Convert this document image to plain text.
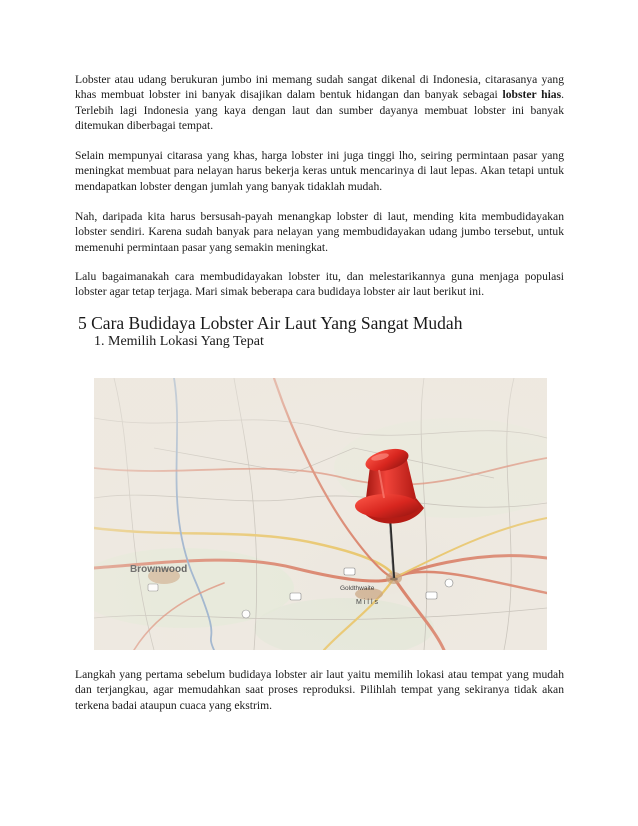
Lobster atau udang berukuran jumbo ini memang sudah sangat dikenal di Indonesia, citarasanya yang khas membuat lobster ini banyak disajikan dalam bentuk hidangan dan banyak sebagai lobster hias. Terlebih lagi Indonesia yang kaya dengan laut dan sumber dayanya membuat lobster ini banyak ditemukan diberbagai tempat.

Selain mempunyai citarasa yang khas, harga lobster ini juga tinggi lho, seiring permintaan pasar yang meningkat membuat para nelayan harus bekerja keras untuk mencarinya di laut lepas. Akan tetapi untuk mendapatkan lobster dengan jumlah yang banyak tidaklah mudah.

Nah, daripada kita harus bersusah-payah menangkap lobster di laut, mending kita membudidayakan lobster sendiri. Karena sudah banyak para nelayan yang membudidayakan udang jumbo tersebut, untuk memenuhi permintaan pasar yang semakin meningkat.

Lalu bagaimanakah cara membudidayakan lobster itu, dan melestarikannya guna menjaga populasi lobster agar tetap terjaga. Mari simak beberapa cara budidaya lobster air laut berikut ini.

5 Cara Budidaya Lobster Air Laut Yang Sangat Mudah
1. Memilih Lokasi Yang Tepat

Langkah yang pertama sebelum budidaya lobster air laut yaitu memilih lokasi atau tempat yang mudah dan terjangkau, agar memudahkan saat proses reproduksi. Pilihlah tempat yang sekiranya tidak akan terkena badai ataupun cuaca yang ekstrim.
